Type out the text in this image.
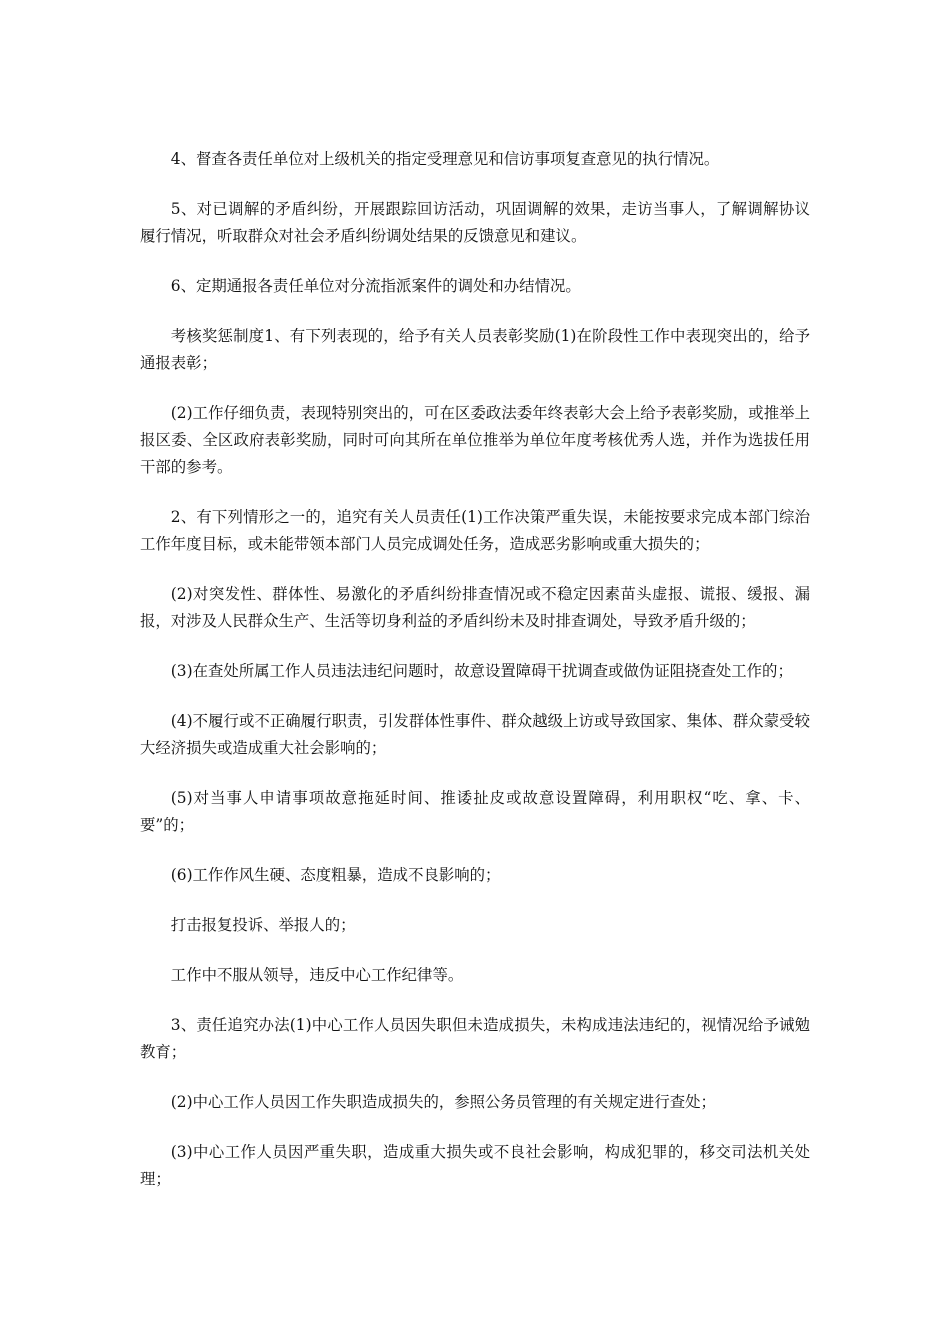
4、督查各责任单位对上级机关的指定受理意见和信访事项复查意见的执行情况。

5、对已调解的矛盾纠纷，开展跟踪回访活动，巩固调解的效果，走访当事人，了解调解协议履行情况，听取群众对社会矛盾纠纷调处结果的反馈意见和建议。

6、定期通报各责任单位对分流指派案件的调处和办结情况。

考核奖惩制度1、有下列表现的，给予有关人员表彰奖励(1)在阶段性工作中表现突出的，给予通报表彰；

(2)工作仔细负责，表现特别突出的，可在区委政法委年终表彰大会上给予表彰奖励，或推举上报区委、全区政府表彰奖励，同时可向其所在单位推举为单位年度考核优秀人选，并作为选拔任用干部的参考。

2、有下列情形之一的，追究有关人员责任(1)工作决策严重失误，未能按要求完成本部门综治工作年度目标，或未能带领本部门人员完成调处任务，造成恶劣影响或重大损失的；

(2)对突发性、群体性、易激化的矛盾纠纷排查情况或不稳定因素苗头虚报、谎报、缓报、漏报，对涉及人民群众生产、生活等切身利益的矛盾纠纷未及时排查调处，导致矛盾升级的；

(3)在查处所属工作人员违法违纪问题时，故意设置障碍干扰调查或做伪证阻挠查处工作的；

(4)不履行或不正确履行职责，引发群体性事件、群众越级上访或导致国家、集体、群众蒙受较大经济损失或造成重大社会影响的；

(5)对当事人申请事项故意拖延时间、推诿扯皮或故意设置障碍，利用职权“吃、拿、卡、要”的；

(6)工作作风生硬、态度粗暴，造成不良影响的；

打击报复投诉、举报人的；

工作中不服从领导，违反中心工作纪律等。

3、责任追究办法(1)中心工作人员因失职但未造成损失，未构成违法违纪的，视情况给予诫勉教育；

(2)中心工作人员因工作失职造成损失的，参照公务员管理的有关规定进行查处；

(3)中心工作人员因严重失职，造成重大损失或不良社会影响，构成犯罪的，移交司法机关处理；
